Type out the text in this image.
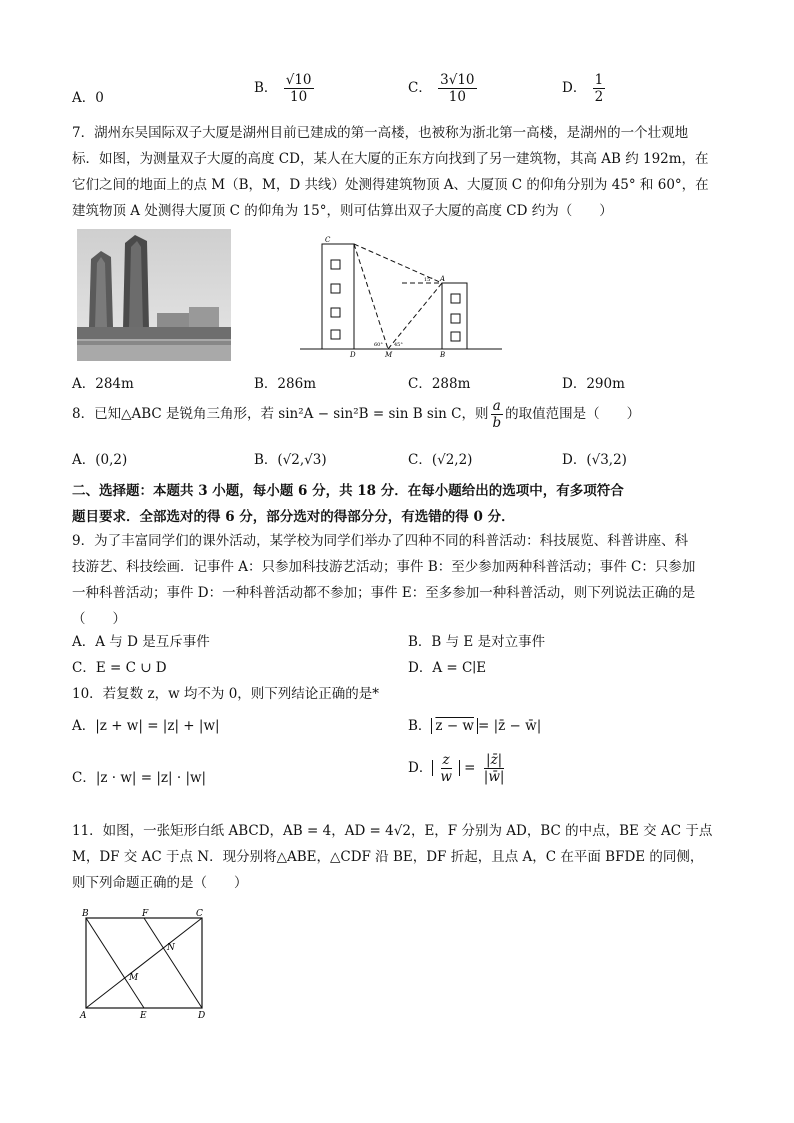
A．0
B． $\frac{√10}{10}$	C． $\frac{3√10}{10}$	D． $\frac{1}{2}$
7．湖州东吴国际双子大厦是湖州目前已建成的第一高楼，也被称为浙北第一高楼，是湖州的一个壮观地
标．如图，为测量双子大厦的高度 CD，某人在大厦的正东方向找到了另一建筑物，其高 AB 约 192m，在
它们之间的地面上的点 M（B，M，D 共线）处测得建筑物顶 A、大厦顶 C 的仰角分别为 45° 和 60°，在
建筑物顶 A 处测得大厦顶 C 的仰角为 15°，则可估算出双子大厦的高度 CD 约为（　　）
C
A
D	M	B
60° 45°
15°
A．284m	B．286m	C．288m	D．290m
8．已知△ABC 是锐角三角形，若 sin²A − sin²B = sin B sin C，则 $\frac{a}{b}$ 的取值范围是（　　）
A．(0,2)	B．(√2,√3)	C．(√2,2)	D．(√3,2)
二、选择题：本题共 3 小题，每小题 6 分，共 18 分．在每小题给出的选项中，有多项符合
题目要求．全部选对的得 6 分，部分选对的得部分分，有选错的得 0 分．
9．为了丰富同学们的课外活动，某学校为同学们举办了四种不同的科普活动：科技展览、科普讲座、科
技游艺、科技绘画．记事件 A：只参加科技游艺活动；事件 B：至少参加两种科普活动；事件 C：只参加
一种科普活动；事件 D：一种科普活动都不参加；事件 E：至多参加一种科普活动，则下列说法正确的是
（　　）
A．A 与 D 是互斥事件	B．B 与 E 是对立事件
C．E = C ∪ D	D．A = C∣E
10．若复数 z，w 均不为 0，则下列结论正确的是*
A．|z + w| = |z| + |w|	B． z − w = |z̄ − w̄|
C．|z · w| = |z| · |w|
D． $\frac{z}{w} = \frac{|z̄|}{|w̄|}$
11．如图，一张矩形白纸 ABCD，AB = 4，AD = 4√2，E，F 分别为 AD，BC 的中点，BE 交 AC 于点
M，DF 交 AC 于点 N．现分别将△ABE，△CDF 沿 BE，DF 折起，且点 A，C 在平面 BFDE 的同侧，
则下列命题正确的是（　　）
B	F	C
N
M
A	E	D
